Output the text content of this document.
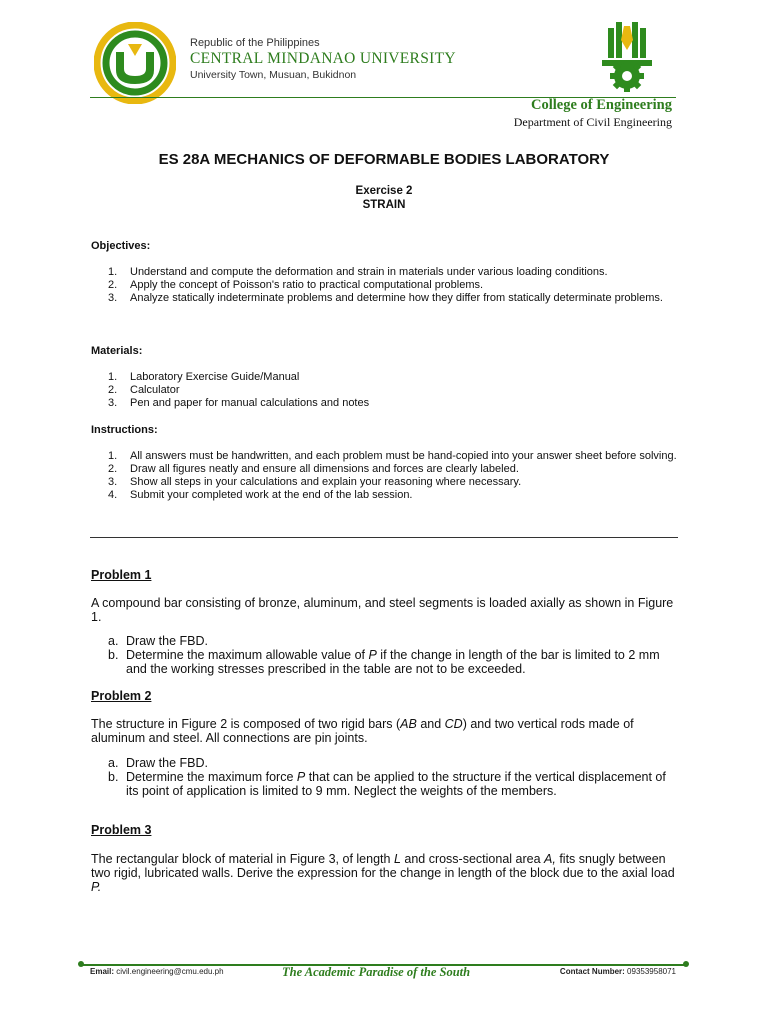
Republic of the Philippines
CENTRAL MINDANAO UNIVERSITY
University Town, Musuan, Bukidnon
College of Engineering
Department of Civil Engineering
ES 28A MECHANICS OF DEFORMABLE BODIES LABORATORY
Exercise 2
STRAIN
Objectives:
1. Understand and compute the deformation and strain in materials under various loading conditions.
2. Apply the concept of Poisson's ratio to practical computational problems.
3. Analyze statically indeterminate problems and determine how they differ from statically determinate problems.
Materials:
1. Laboratory Exercise Guide/Manual
2. Calculator
3. Pen and paper for manual calculations and notes
Instructions:
1. All answers must be handwritten, and each problem must be hand-copied into your answer sheet before solving.
2. Draw all figures neatly and ensure all dimensions and forces are clearly labeled.
3. Show all steps in your calculations and explain your reasoning where necessary.
4. Submit your completed work at the end of the lab session.
Problem 1
A compound bar consisting of bronze, aluminum, and steel segments is loaded axially as shown in Figure 1.
a. Draw the FBD.
b. Determine the maximum allowable value of P if the change in length of the bar is limited to 2 mm and the working stresses prescribed in the table are not to be exceeded.
Problem 2
The structure in Figure 2 is composed of two rigid bars (AB and CD) and two vertical rods made of aluminum and steel. All connections are pin joints.
a. Draw the FBD.
b. Determine the maximum force P that can be applied to the structure if the vertical displacement of its point of application is limited to 9 mm. Neglect the weights of the members.
Problem 3
The rectangular block of material in Figure 3, of length L and cross-sectional area A, fits snugly between two rigid, lubricated walls. Derive the expression for the change in length of the block due to the axial load P.
Email: civil.engineering@cmu.edu.ph	The Academic Paradise of the South	Contact Number: 09353958071
